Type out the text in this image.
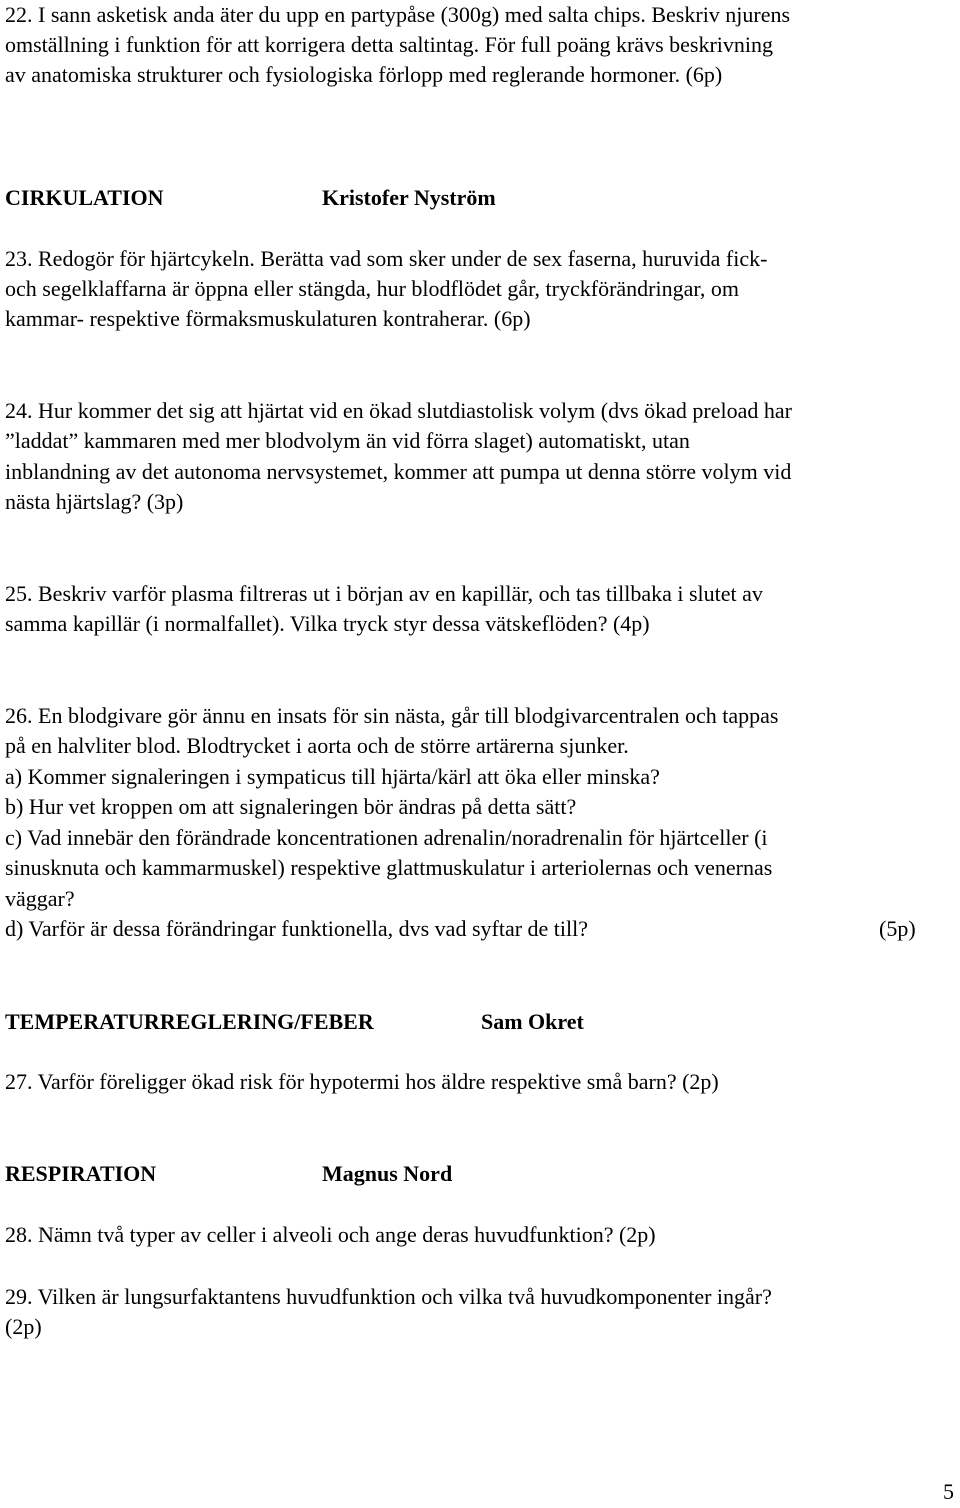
22. I sann asketisk anda äter du upp en partypåse (300g) med salta chips. Beskriv njurens

omställning i funktion för att korrigera detta saltintag. För full poäng krävs beskrivning

av anatomiska strukturer och fysiologiska förlopp med reglerande hormoner. (6p)

CIRKULATION	Kristofer Nyström

23. Redogör för hjärtcykeln. Berätta vad som sker under de sex faserna, huruvida fick-

och segelklaffarna är öppna eller stängda, hur blodflödet går, tryckförändringar, om

kammar- respektive förmaksmuskulaturen kontraherar. (6p)

24. Hur kommer det sig att hjärtat vid en ökad slutdiastolisk volym (dvs ökad preload har

”laddat” kammaren med mer blodvolym än vid förra slaget) automatiskt, utan

inblandning av det autonoma nervsystemet, kommer att pumpa ut denna större volym vid

nästa hjärtslag? (3p)

25. Beskriv varför plasma filtreras ut i början av en kapillär, och tas tillbaka i slutet av

samma kapillär (i normalfallet). Vilka tryck styr dessa vätskeflöden? (4p)

26. En blodgivare gör ännu en insats för sin nästa, går till blodgivarcentralen och tappas

på en halvliter blod. Blodtrycket i aorta och de större artärerna sjunker.

a) Kommer signaleringen i sympaticus till hjärta/kärl att öka eller minska?

b) Hur vet kroppen om att signaleringen bör ändras på detta sätt?

c) Vad innebär den förändrade koncentrationen adrenalin/noradrenalin för hjärtceller (i

sinusknuta och kammarmuskel) respektive glattmuskulatur i arteriolernas och venernas

väggar?

d) Varför är dessa förändringar funktionella, dvs vad syftar de till?	(5p)
TEMPERATURREGLERING/FEBER	Sam Okret

27. Varför föreligger ökad risk för hypotermi hos äldre respektive små barn? (2p)

RESPIRATION	Magnus Nord

28. Nämn två typer av celler i alveoli och ange deras huvudfunktion? (2p)

29. Vilken är lungsurfaktantens huvudfunktion och vilka två huvudkomponenter ingår?

(2p)

5
